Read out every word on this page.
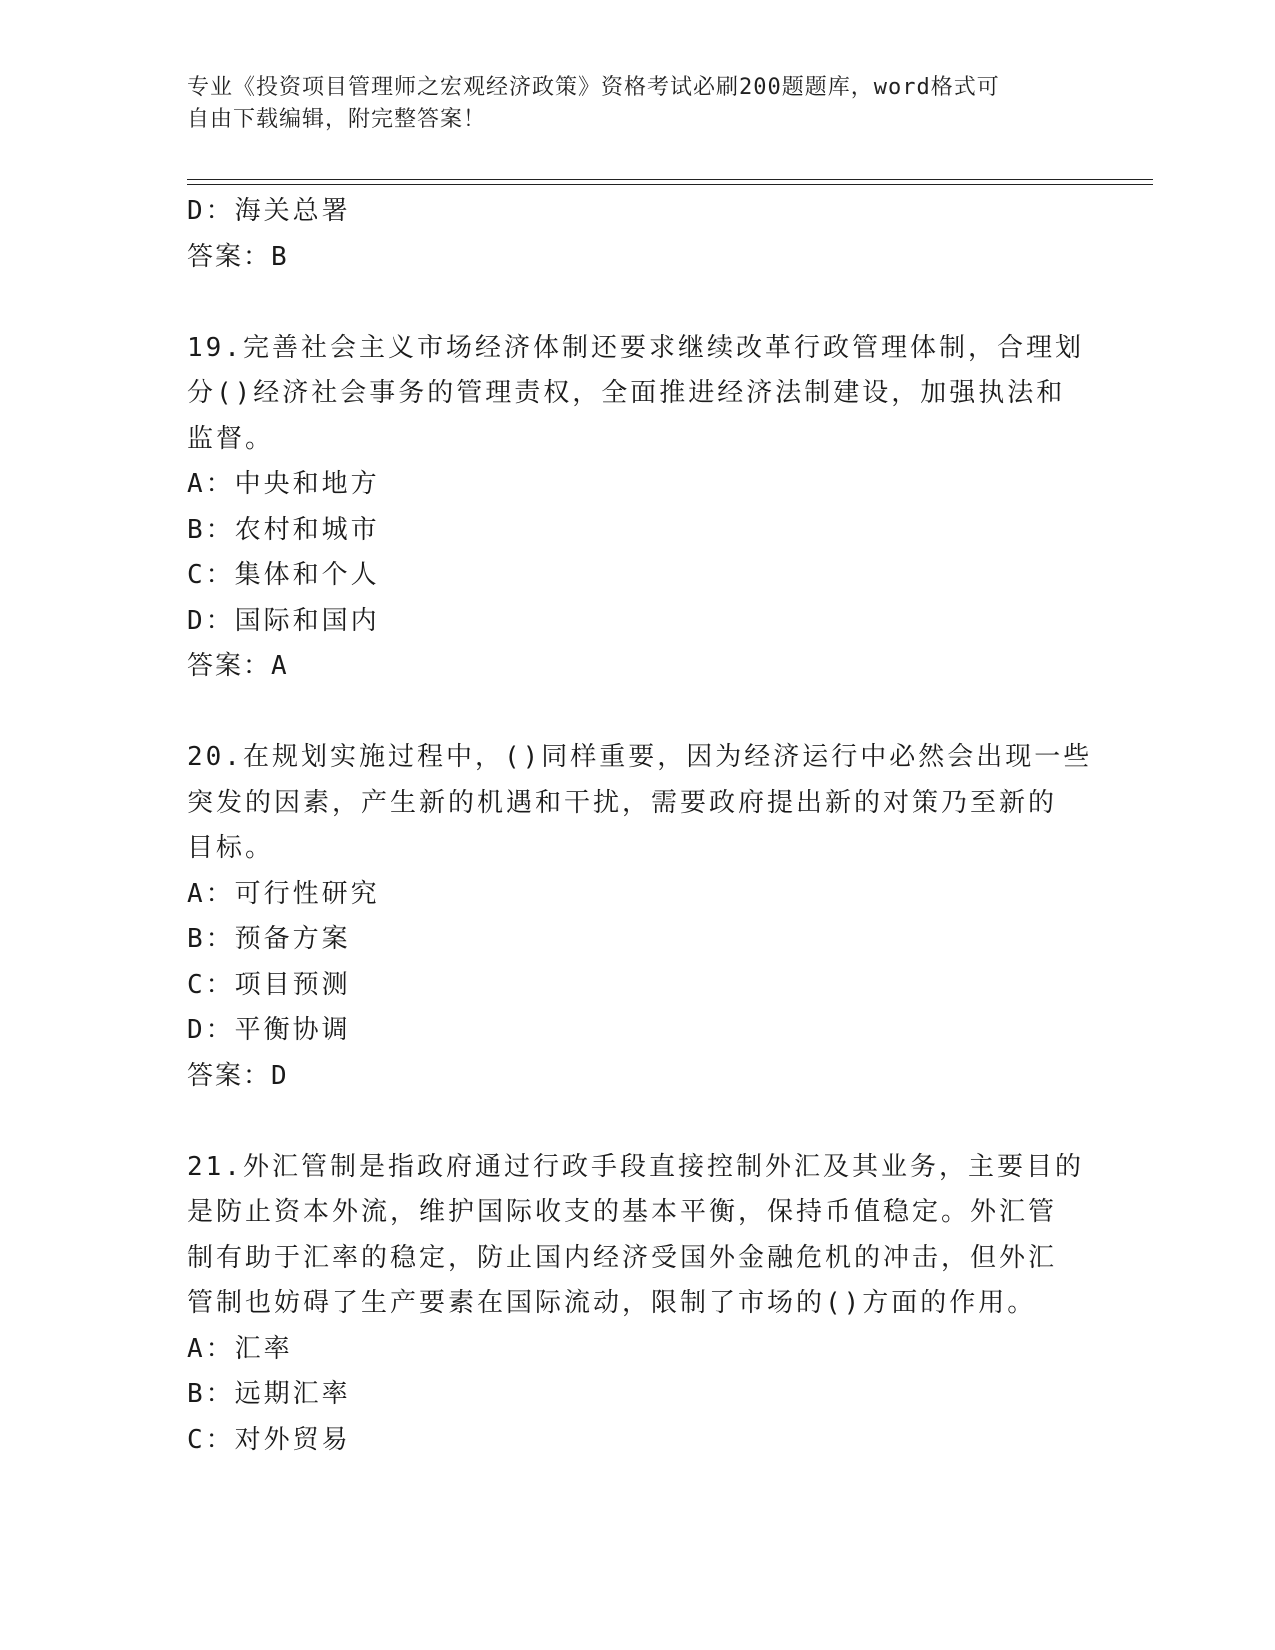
专业《投资项目管理师之宏观经济政策》资格考试必刷200题题库，word格式可
自由下载编辑，附完整答案！

D：海关总署

答案：B

19.完善社会主义市场经济体制还要求继续改革行政管理体制，合理划

分()经济社会事务的管理责权，全面推进经济法制建设，加强执法和

监督。

A：中央和地方

B：农村和城市

C：集体和个人

D：国际和国内

答案：A

20.在规划实施过程中，()同样重要，因为经济运行中必然会出现一些

突发的因素，产生新的机遇和干扰，需要政府提出新的对策乃至新的

目标。

A：可行性研究

B：预备方案

C：项目预测

D：平衡协调

答案：D

21.外汇管制是指政府通过行政手段直接控制外汇及其业务，主要目的

是防止资本外流，维护国际收支的基本平衡，保持币值稳定。外汇管

制有助于汇率的稳定，防止国内经济受国外金融危机的冲击，但外汇

管制也妨碍了生产要素在国际流动，限制了市场的()方面的作用。

A：汇率

B：远期汇率

C：对外贸易
